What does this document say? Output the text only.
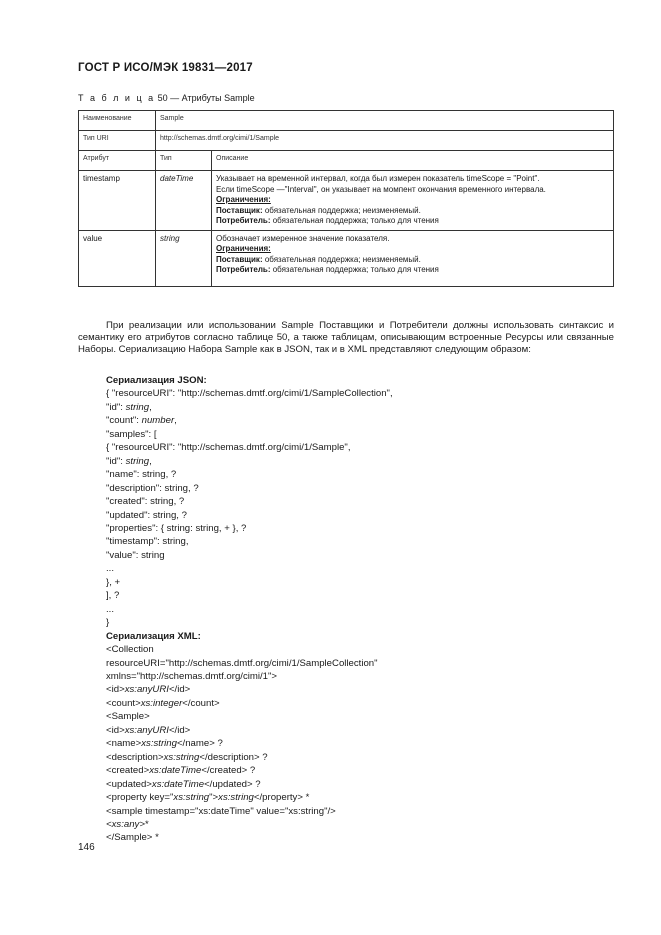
ГОСТ Р ИСО/МЭК 19831—2017
Т а б л и ц а 50 — Атрибуты Sample
Наименование	Sample	
Тип URI	http://schemas.dmtf.org/cimi/1/Sample	
Атрибут	Тип	Описание
timestamp	dateTime	Указывает на временной интервал, когда был измерен показатель timeScope = "Point".
Если timeScope —"Interval", он указывает на момпент окончания временного интервала.
Ограничения:
Поставщик: обязательная поддержка; неизменяемый.
Потребитель: обязательная поддержка; только для чтения

value	string	Обозначает измеренное значение показателя.
Ограничения:
Поставщик: обязательная поддержка; неизменяемый.
Потребитель: обязательная поддержка; только для чтения
При реализации или использовании Sample Поставщики и Потребители должны использовать синтаксис и семантику его атрибутов согласно таблице 50, а также таблицам, описывающим встроенные Ресурсы или связанные Наборы. Сериализацию Набора Sample как в JSON, так и в XML представляют следующим образом:
Сериализация JSON:
{ "resourceURI": "http://schemas.dmtf.org/cimi/1/SampleCollection",
"id": string,
"count": number,
"samples": [
{ "resourceURI": "http://schemas.dmtf.org/cimi/1/Sample",
"id": string,
"name": string, ?
"description": string, ?
"created": string, ?
"updated": string, ?
"properties": { string: string, + }, ?
"timestamp": string,
"value": string
...
}, +
], ?
...
}
Сериализация XML:
<Collection
resourceURI="http://schemas.dmtf.org/cimi/1/SampleCollection"
xmlns="http://schemas.dmtf.org/cimi/1">
<id>xs:anyURI</id>
<count>xs:integer</count>
<Sample>
<id>xs:anyURI</id>
<name>xs:string</name> ?
<description>xs:string</description> ?
<created>xs:dateTime</created> ?
<updated>xs:dateTime</updated> ?
<property key="xs:string">xs:string</property> *
<sample timestamp="xs:dateTime" value="xs:string"/>
<xs:any>*
</Sample> *
146
